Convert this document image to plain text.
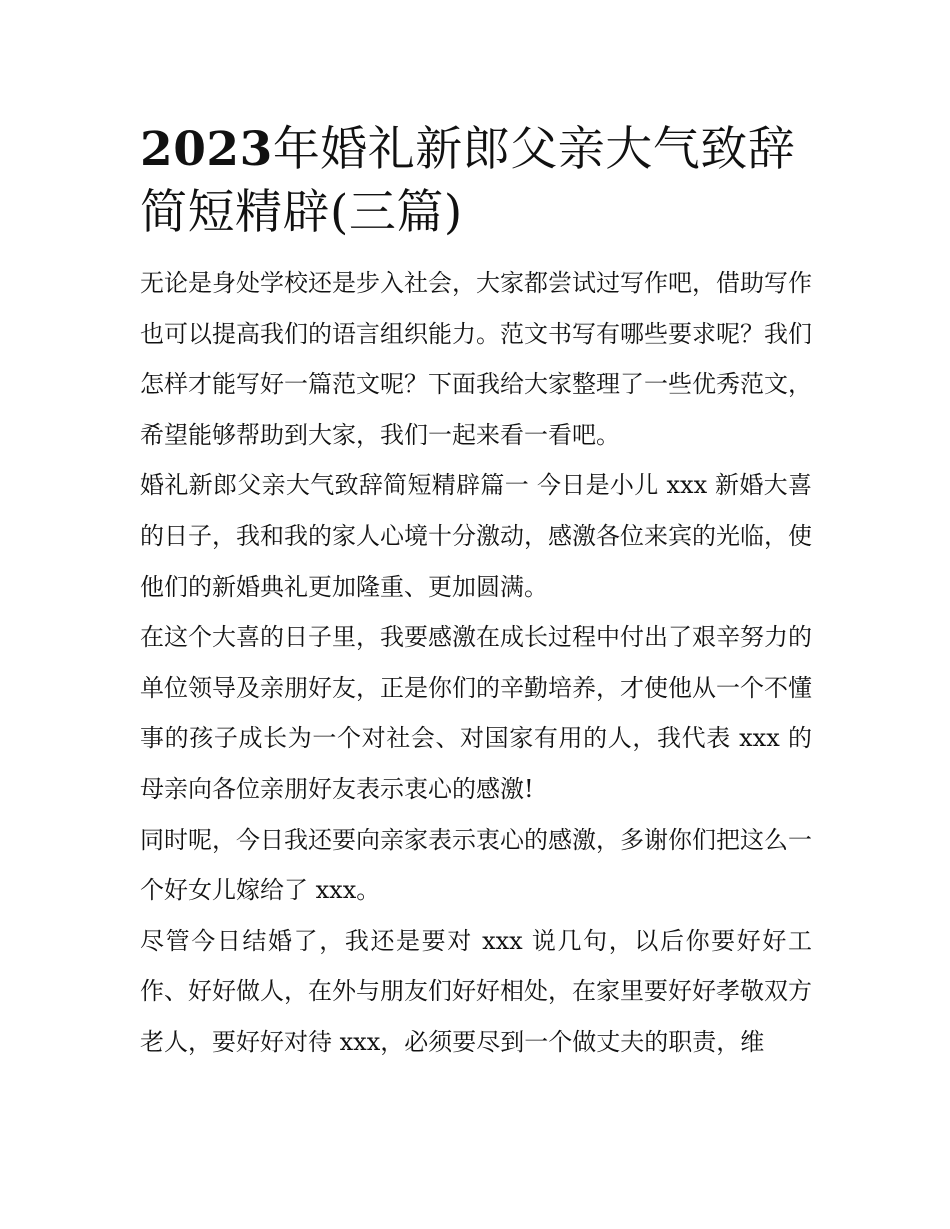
2023年婚礼新郎父亲大气致辞简短精辟(三篇)

无论是身处学校还是步入社会，大家都尝试过写作吧，借助写作也可以提高我们的语言组织能力。范文书写有哪些要求呢？我们怎样才能写好一篇范文呢？下面我给大家整理了一些优秀范文，希望能够帮助到大家，我们一起来看一看吧。

婚礼新郎父亲大气致辞简短精辟篇一 今日是小儿 xxx 新婚大喜的日子，我和我的家人心境十分激动，感激各位来宾的光临，使他们的新婚典礼更加隆重、更加圆满。

在这个大喜的日子里，我要感激在成长过程中付出了艰辛努力的单位领导及亲朋好友，正是你们的辛勤培养，才使他从一个不懂事的孩子成长为一个对社会、对国家有用的人，我代表 xxx 的母亲向各位亲朋好友表示衷心的感激!

同时呢，今日我还要向亲家表示衷心的感激，多谢你们把这么一个好女儿嫁给了 xxx。

尽管今日结婚了，我还是要对 xxx 说几句，以后你要好好工作、好好做人，在外与朋友们好好相处，在家里要好好孝敬双方老人，要好好对待 xxx，必须要尽到一个做丈夫的职责，维
